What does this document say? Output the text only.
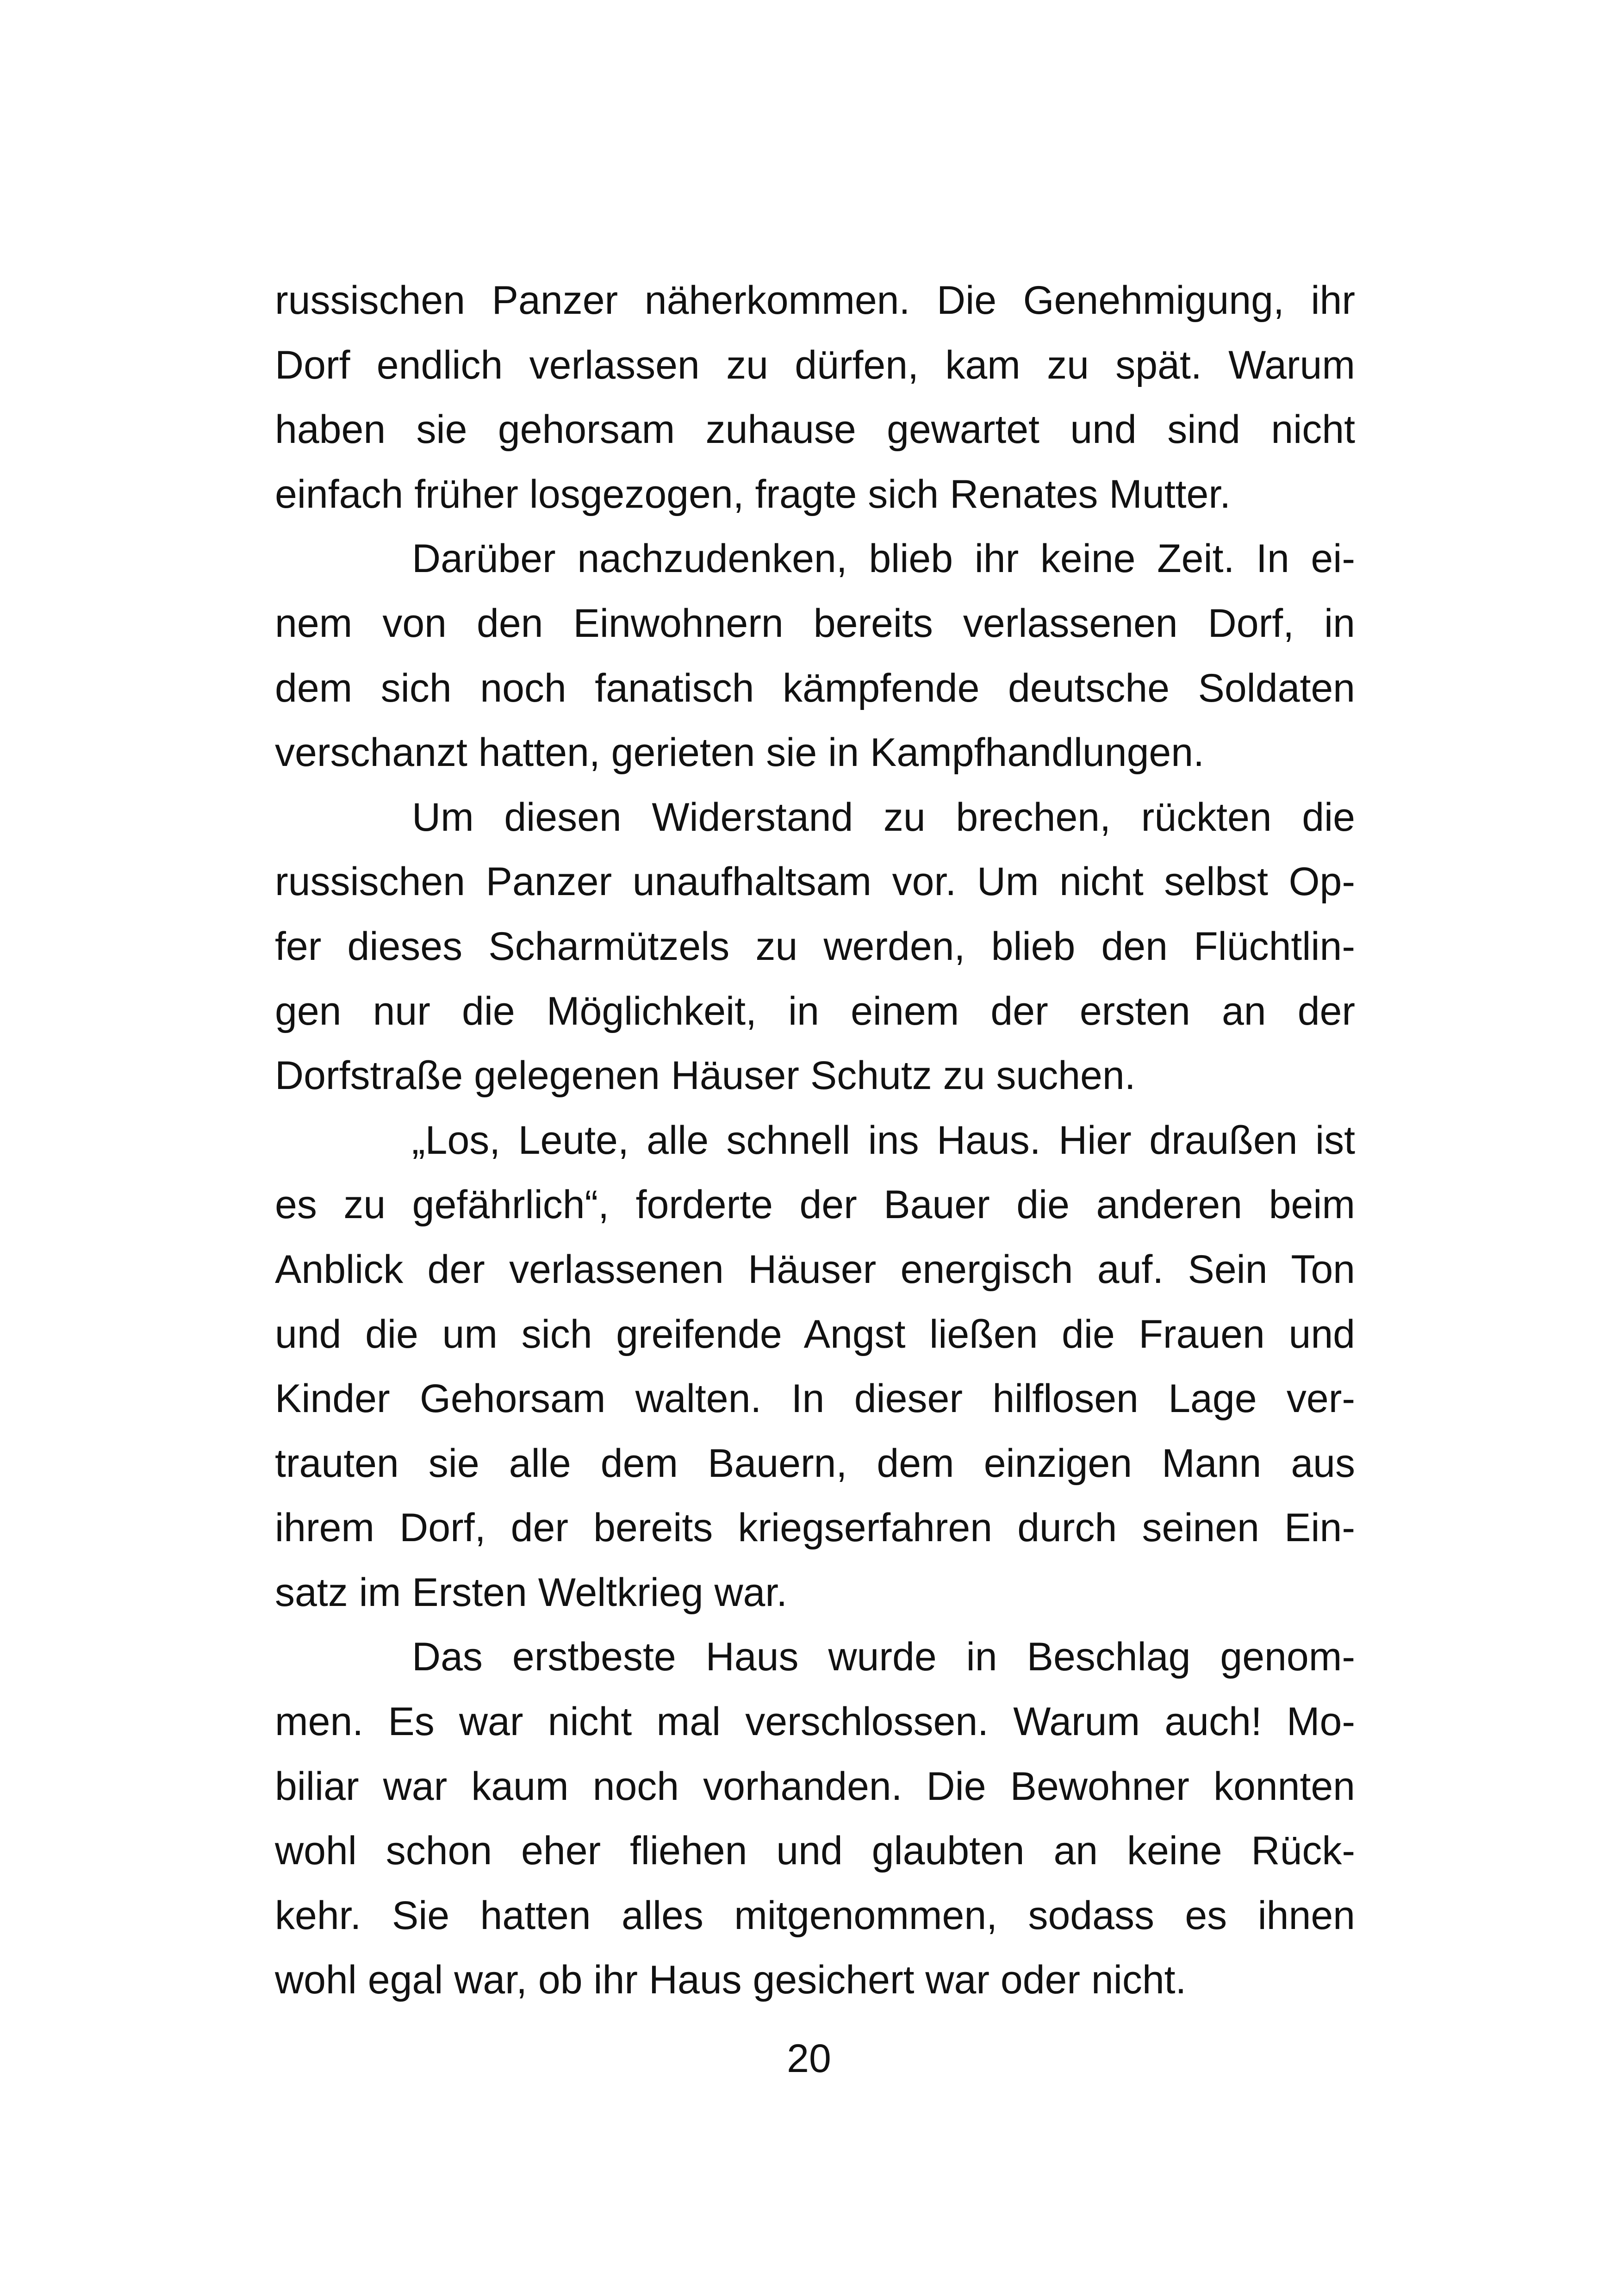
russischen Panzer näherkommen. Die Genehmigung, ihr
Dorf endlich verlassen zu dürfen, kam zu spät. Warum
haben sie gehorsam zuhause gewartet und sind nicht
einfach früher losgezogen, fragte sich Renates Mutter.
Darüber nachzudenken, blieb ihr keine Zeit. In ei-
nem von den Einwohnern bereits verlassenen Dorf, in
dem sich noch fanatisch kämpfende deutsche Soldaten
verschanzt hatten, gerieten sie in Kampfhandlungen.
Um diesen Widerstand zu brechen, rückten die
russischen Panzer unaufhaltsam vor. Um nicht selbst Op-
fer dieses Scharmützels zu werden, blieb den Flüchtlin-
gen nur die Möglichkeit, in einem der ersten an der
Dorfstraße gelegenen Häuser Schutz zu suchen.
„Los, Leute, alle schnell ins Haus. Hier draußen ist
es zu gefährlich“, forderte der Bauer die anderen beim
Anblick der verlassenen Häuser energisch auf. Sein Ton
und die um sich greifende Angst ließen die Frauen und
Kinder Gehorsam walten. In dieser hilflosen Lage ver-
trauten sie alle dem Bauern, dem einzigen Mann aus
ihrem Dorf, der bereits kriegserfahren durch seinen Ein-
satz im Ersten Weltkrieg war.
Das erstbeste Haus wurde in Beschlag genom-
men. Es war nicht mal verschlossen. Warum auch! Mo-
biliar war kaum noch vorhanden. Die Bewohner konnten
wohl schon eher fliehen und glaubten an keine Rück-
kehr. Sie hatten alles mitgenommen, sodass es ihnen
wohl egal war, ob ihr Haus gesichert war oder nicht.
20
